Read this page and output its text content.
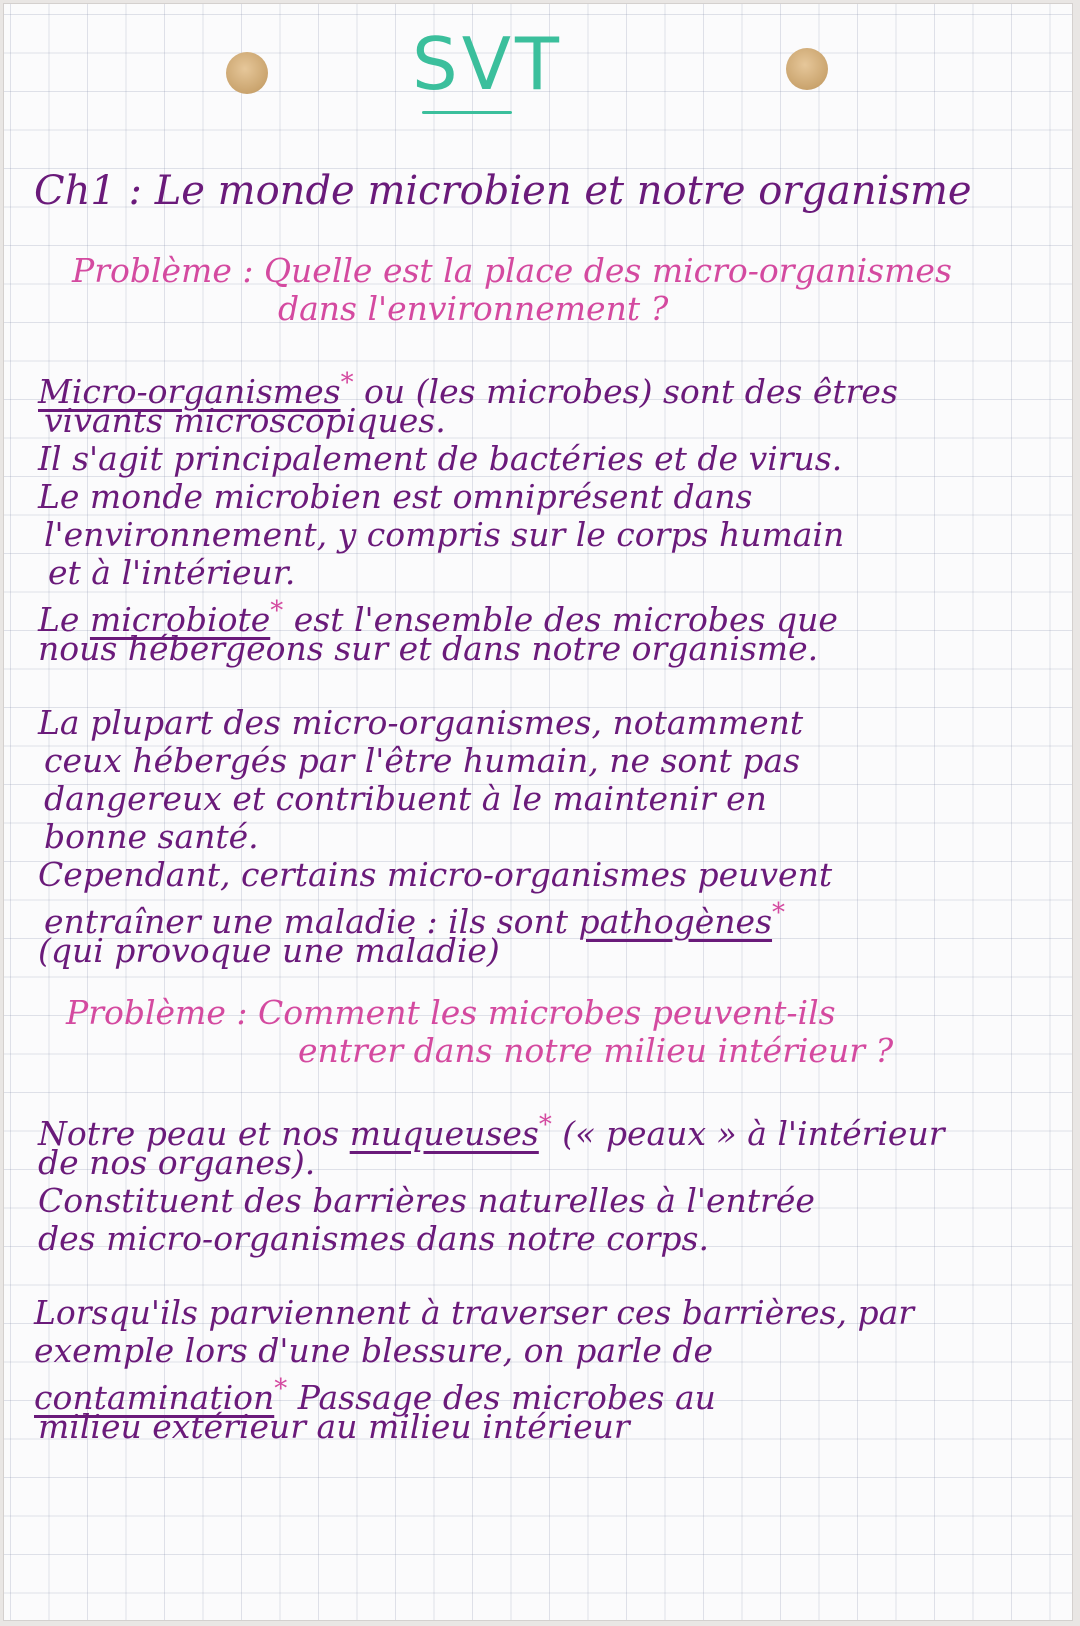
SVT
Ch1 : Le monde microbien et notre organisme
Problème : Quelle est la place des micro-organismes
dans l'environnement ?
Micro-organismes* ou (les microbes) sont des êtres
vivants microscopiques.
Il s'agit principalement de bactéries et de virus.
Le monde microbien est omniprésent dans
l'environnement, y compris sur le corps humain
et à l'intérieur.
Le microbiote* est l'ensemble des microbes que
nous hébergeons sur et dans notre organisme.
La plupart des micro-organismes, notamment
ceux hébergés par l'être humain, ne sont pas
dangereux et contribuent à le maintenir en
bonne santé.
Cependant, certains micro-organismes peuvent
entraîner une maladie : ils sont pathogènes*
(qui provoque une maladie)
Problème : Comment les microbes peuvent-ils
entrer dans notre milieu intérieur ?
Notre peau et nos muqueuses* (« peaux » à l'intérieur
de nos organes).
Constituent des barrières naturelles à l'entrée
des micro-organismes dans notre corps.
Lorsqu'ils parviennent à traverser ces barrières, par
exemple lors d'une blessure, on parle de
contamination* Passage des microbes au
milieu extérieur au milieu intérieur
